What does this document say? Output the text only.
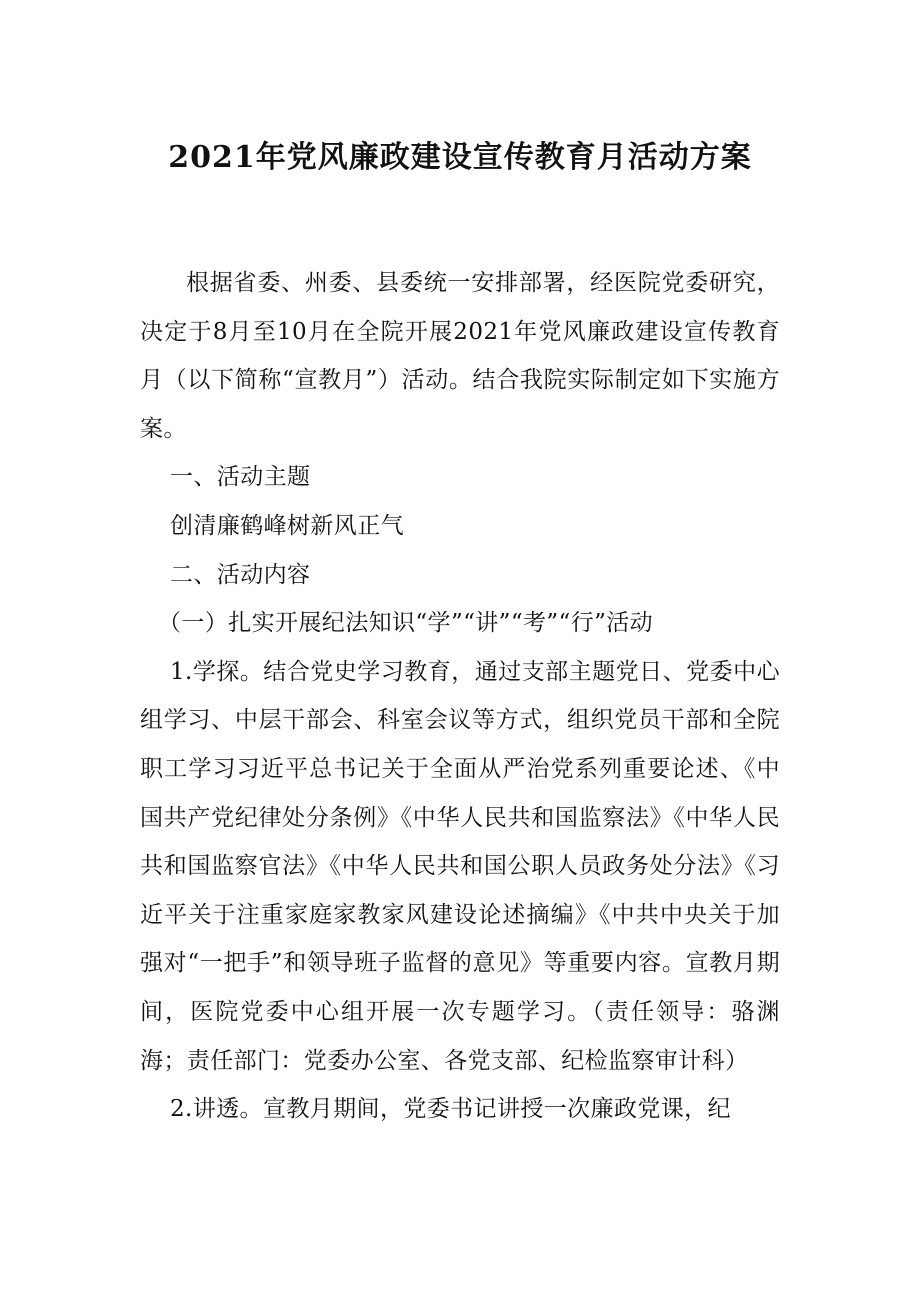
2021年党风廉政建设宣传教育月活动方案

根据省委、州委、县委统一安排部署，经医院党委研究，决定于8月至10月在全院开展2021年党风廉政建设宣传教育月（以下简称“宣教月”）活动。结合我院实际制定如下实施方案。

一、活动主题

创清廉鹤峰树新风正气

二、活动内容

（一）扎实开展纪法知识“学”“讲”“考”“行”活动

1.学探。结合党史学习教育，通过支部主题党日、党委中心组学习、中层干部会、科室会议等方式，组织党员干部和全院职工学习习近平总书记关于全面从严治党系列重要论述、《中国共产党纪律处分条例》《中华人民共和国监察法》《中华人民共和国监察官法》《中华人民共和国公职人员政务处分法》《习近平关于注重家庭家教家风建设论述摘编》《中共中央关于加强对“一把手”和领导班子监督的意见》等重要内容。宣教月期间，医院党委中心组开展一次专题学习。（责任领导：骆渊海；责任部门：党委办公室、各党支部、纪检监察审计科）

2.讲透。宣教月期间，党委书记讲授一次廉政党课，纪
